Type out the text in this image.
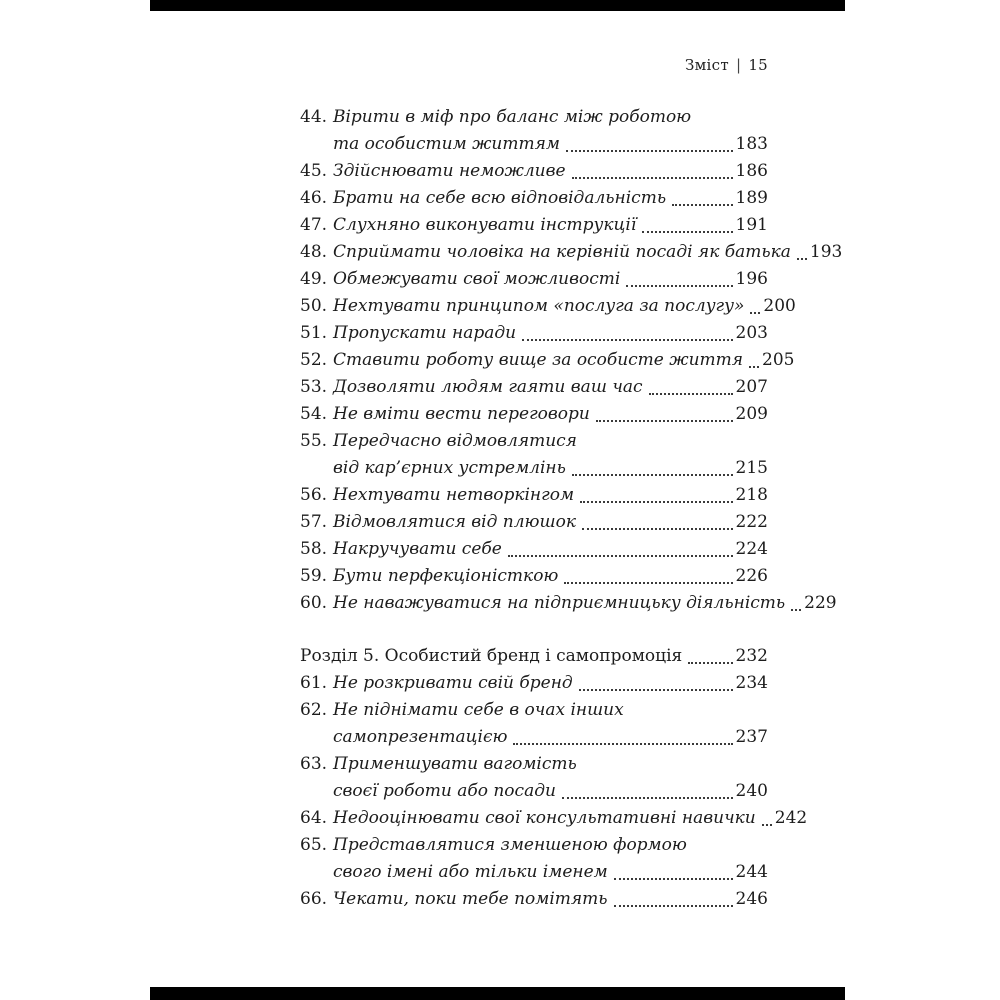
Зміст | 15
44. Вірити в міф про баланс між роботою
та особистим життям	183
45. Здійснювати неможливе	186
46. Брати на себе всю відповідальність	189
47. Слухняно виконувати інструкції	191
48. Сприймати чоловіка на керівній посаді як батька 193
49. Обмежувати свої можливості	196
50. Нехтувати принципом «послуга за послугу» 200
51. Пропускати наради	203
52. Ставити роботу вище за особисте життя 205
53. Дозволяти людям гаяти ваш час	207
54. Не вміти вести переговори	209
55. Передчасно відмовлятися
від кар’єрних устремлінь	215
56. Нехтувати нетворкінгом	218
57. Відмовлятися від плюшок	222
58. Накручувати себе	224
59. Бути перфекціоністкою	226
60. Не наважуватися на підприємницьку діяльність 229
Розділ 5. Особистий бренд і самопромоція	232
61. Не розкривати свій бренд	234
62. Не піднімати себе в очах інших
самопрезентацією	237
63. Применшувати вагомість
своєї роботи або посади	240
64. Недооцінювати свої консультативні навички 242
65. Представлятися зменшеною формою
свого імені або тільки іменем	244
66. Чекати, поки тебе помітять	246
